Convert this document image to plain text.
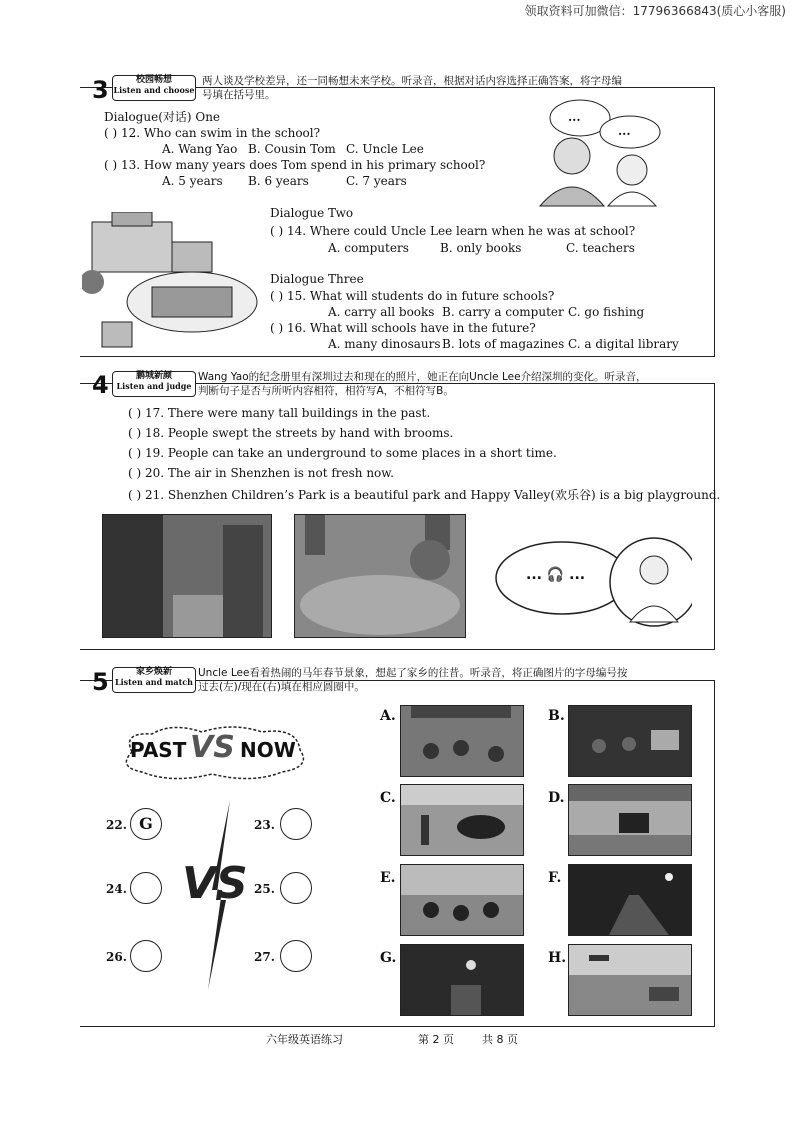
领取资料可加微信：17796366843(质心小客服)
3	校园畅想
Listen and choose
两人谈及学校差异，还一同畅想未来学校。听录音，根据对话内容选择正确答案，将字母编
号填在括号里。
Dialogue(对话) One
( ) 12. Who can swim in the school?
A. Wang Yao B. Cousin Tom C. Uncle Lee
( ) 13. How many years does Tom spend in his primary school?
A. 5 years B. 6 years	C. 7 years
...
...
Dialogue Two
( ) 14. Where could Uncle Lee learn when he was at school?
A. computers	B. only books	C. teachers
Dialogue Three
( ) 15. What will students do in future schools?
A. carry all books B. carry a computer C. go fishing
( ) 16. What will schools have in the future?
A. many dinosaurs B. lots of magazines C. a digital library
4	鹏城新颜
Listen and judge
Wang Yao的纪念册里有深圳过去和现在的照片，她正在向Uncle Lee介绍深圳的变化。听录音，
判断句子是否与所听内容相符，相符写A，不相符写B。
( ) 17. There were many tall buildings in the past.
( ) 18. People swept the streets by hand with brooms.
( ) 19. People can take an underground to some places in a short time.
( ) 20. The air in Shenzhen is not fresh now.
( ) 21. Shenzhen Children’s Park is a beautiful park and Happy Valley(欢乐谷) is a big playground.
... 🎧 ...
5	家乡焕新
Listen and match
Uncle Lee看着热闹的马年春节景象，想起了家乡的往昔。听录音，将正确图片的字母编号按
过去(左)/现在(右)填在相应圆圈中。
PAST VS NOW
VS
22. G	23.
24.	25.
26.	27.
A.	B.
C.	D.
E.	F.
G.	H.
六年级英语练习	第 2 页	共 8 页
